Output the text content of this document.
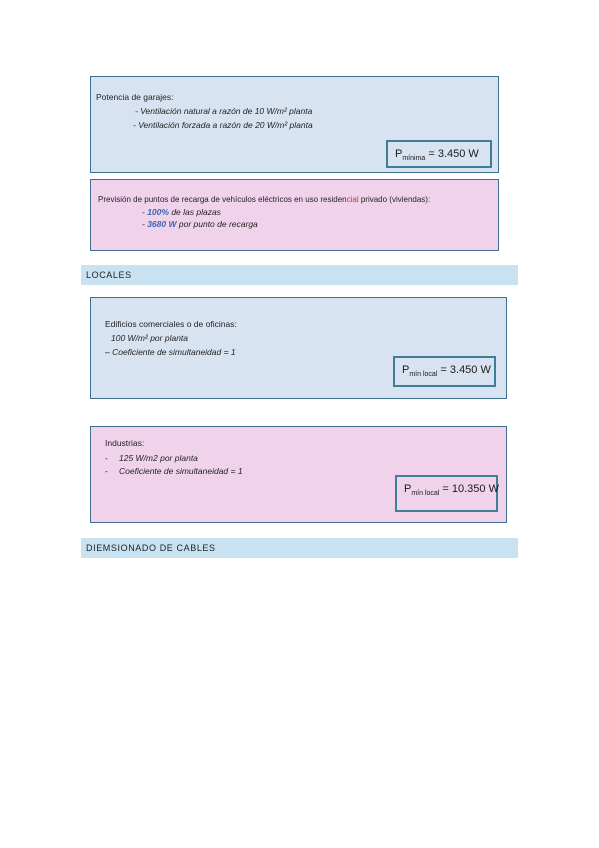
Potencia de garajes:
- Ventilación natural a razón de 10 W/m² planta
- Ventilación forzada a razón de 20 W/m² planta
$P_{mínima} = 3.450$ W
Previsión de puntos de recarga de vehículos eléctricos en uso residencial privado (viviendas):
- 100% de las plazas
- 3680 W por punto de recarga
LOCALES
Edificios comerciales o de oficinas:
100 W/m² por planta
– Coeficiente de simultaneidad = 1
$P_{mín local} = 3.450$ W
Industrias:
- 125 W/m2 por planta
- Coeficiente de simultaneidad = 1
$P_{mín local} = 10.350$ W
DIEMSIONADO DE CABLES
